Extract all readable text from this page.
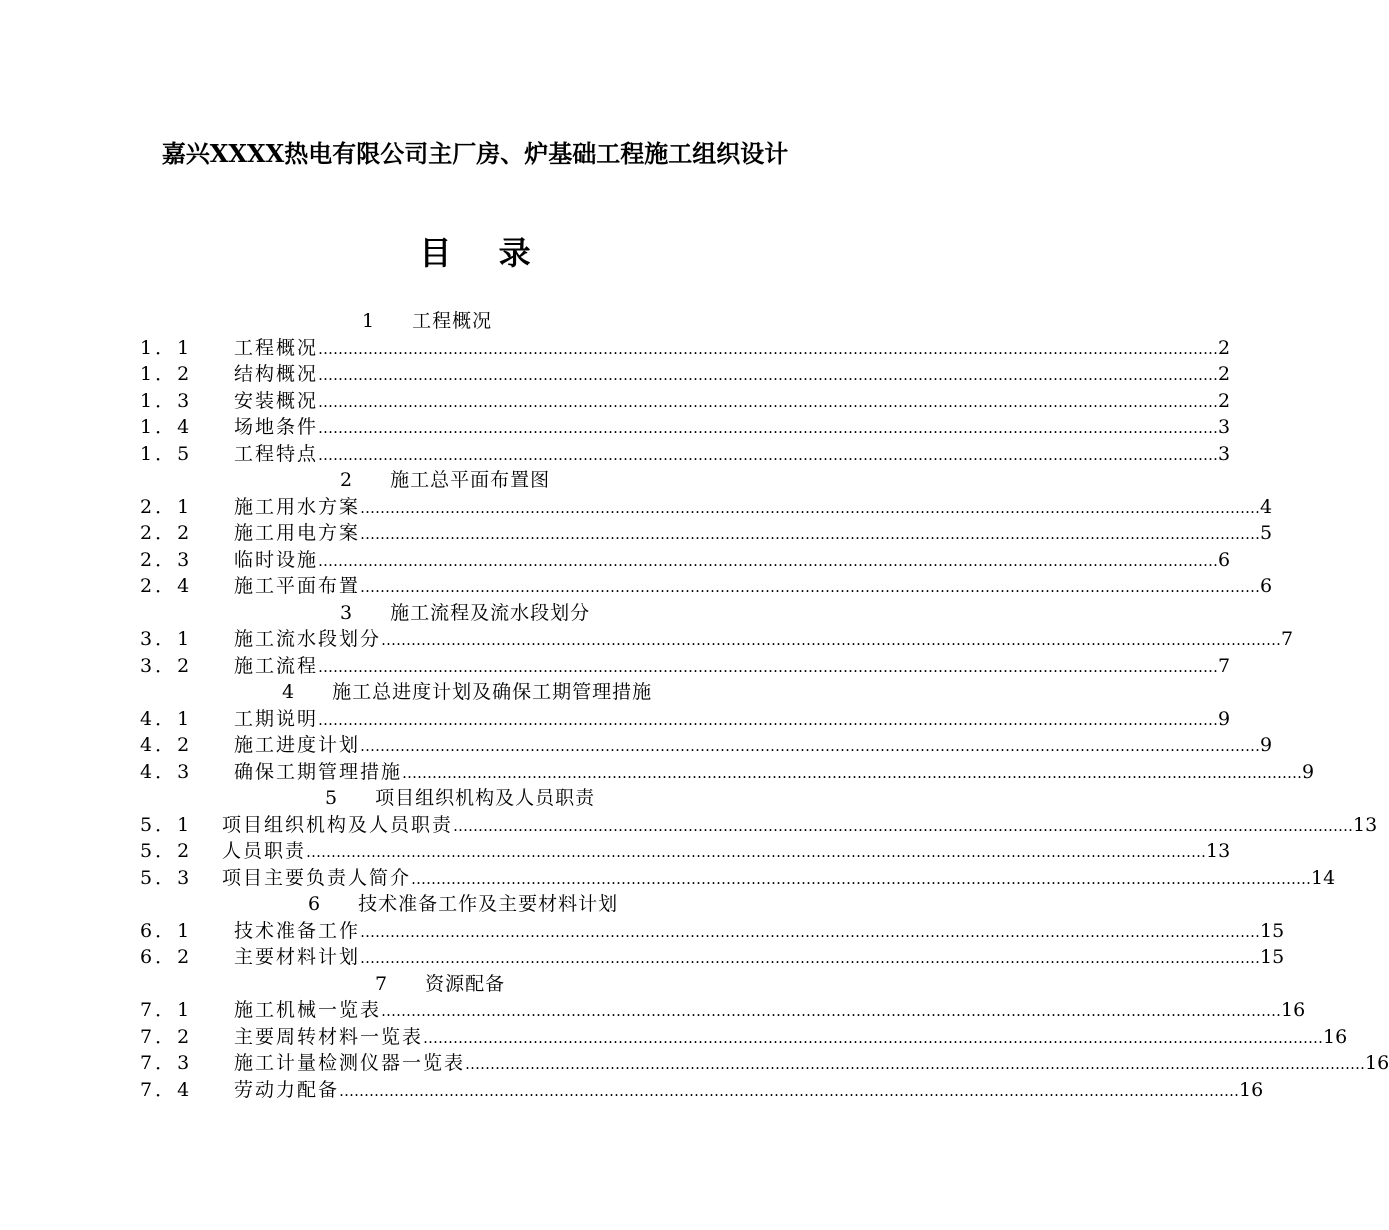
嘉兴XXXX热电有限公司主厂房、炉基础工程施工组织设计
目 录
1 工程概况
1．1 工程概况 ……………………………………………………………………………………………………………………………………………………………… 2
1．2 结构概况 ……………………………………………………………………………………………………………………………………………………………… 2
1．3 安装概况 ……………………………………………………………………………………………………………………………………………………………… 2
1．4 场地条件 ……………………………………………………………………………………………………………………………………………………………… 3
1．5 工程特点 ……………………………………………………………………………………………………………………………………………………………… 3
2 施工总平面布置图
2．1 施工用水方案 ……………………………………………………………………………………………………………………………………………………………… 4
2．2 施工用电方案 ……………………………………………………………………………………………………………………………………………………………… 5
2．3 临时设施 ……………………………………………………………………………………………………………………………………………………………… 6
2．4 施工平面布置 ……………………………………………………………………………………………………………………………………………………………… 6
3 施工流程及流水段划分
3．1 施工流水段划分 ……………………………………………………………………………………………………………………………………………………………… 7
3．2 施工流程 ……………………………………………………………………………………………………………………………………………………………… 7
4 施工总进度计划及确保工期管理措施
4．1 工期说明 ……………………………………………………………………………………………………………………………………………………………… 9
4．2 施工进度计划 ……………………………………………………………………………………………………………………………………………………………… 9
4．3 确保工期管理措施 ……………………………………………………………………………………………………………………………………………………………… 9
5 项目组织机构及人员职责
5．1 项目组织机构及人员职责 ……………………………………………………………………………………………………………………………………………………………… 13
5．2 人员职责 ……………………………………………………………………………………………………………………………………………………………… 13
5．3 项目主要负责人简介 ……………………………………………………………………………………………………………………………………………………………… 14
6 技术准备工作及主要材料计划
6．1 技术准备工作 ……………………………………………………………………………………………………………………………………………………………… 15
6．2 主要材料计划 ……………………………………………………………………………………………………………………………………………………………… 15
7 资源配备
7．1 施工机械一览表 ……………………………………………………………………………………………………………………………………………………………… 16
7．2 主要周转材料一览表 ……………………………………………………………………………………………………………………………………………………………… 16
7．3 施工计量检测仪器一览表 ……………………………………………………………………………………………………………………………………………………………… 16
7．4 劳动力配备 ……………………………………………………………………………………………………………………………………………………………… 16
